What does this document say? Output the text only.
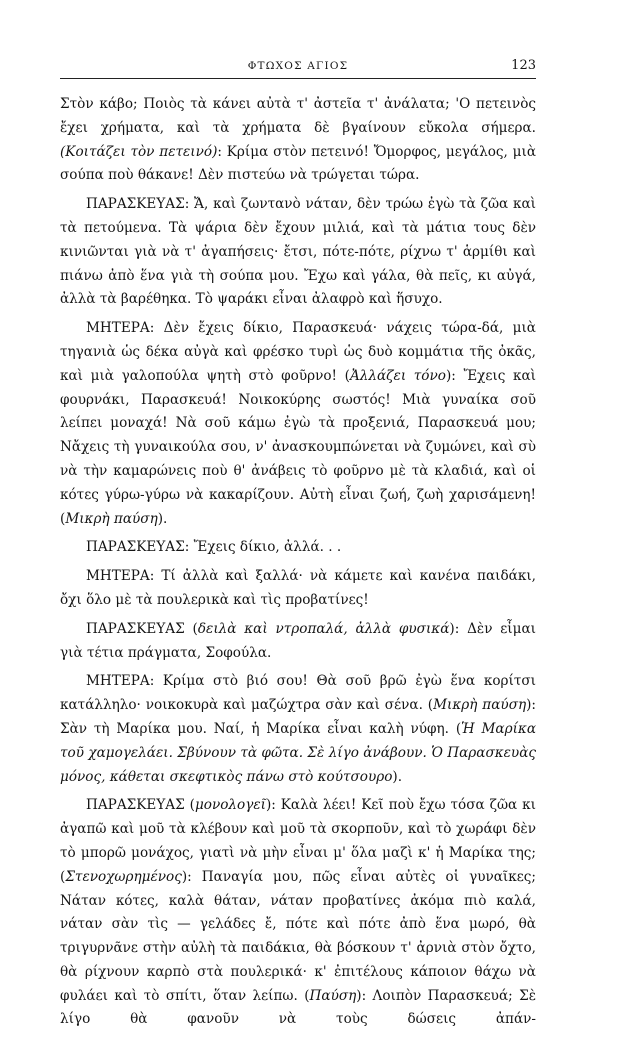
ΦΤΩΧΟΣ ΑΓΙΟΣ	123

Στὸν κάβο; Ποιὸς τὰ κάνει αὐτὰ τ' ἀστεῖα τ' ἀνάλατα; 'Ο πετεινὸς ἔχει χρήματα, καὶ τὰ χρήματα δὲ βγαίνουν εὔκολα σήμερα. (Κοιτάζει τὸν πετεινό): Κρίμα στὸν πετεινό! Ὄμορφος, μεγάλος, μιὰ σούπα ποὺ θάκανε! Δὲν πιστεύω νὰ τρώγεται τώρα.

ΠΑΡΑΣΚΕΥΑΣ: Ἄ, καὶ ζωντανὸ νάταν, δὲν τρώω ἐγὼ τὰ ζῶα καὶ τὰ πετούμενα. Τὰ ψάρια δὲν ἔχουν μιλιά, καὶ τὰ μάτια τους δὲν κινιῶνται γιὰ νὰ τ' ἀγαπήσεις· ἔτσι, πότε-πότε, ρίχνω τ' ἁρμίθι καὶ πιάνω ἀπὸ ἕνα γιὰ τὴ σούπα μου. Ἔχω καὶ γάλα, θὰ πεῖς, κι αὐγά, ἀλλὰ τὰ βαρέθηκα. Τὸ ψαράκι εἶναι ἀλαφρὸ καὶ ἥσυχο.

ΜΗΤΕΡΑ: Δὲν ἔχεις δίκιο, Παρασκευά· νάχεις τώρα-δά, μιὰ τηγανιὰ ὡς δέκα αὐγὰ καὶ φρέσκο τυρὶ ὡς δυὸ κομμάτια τῆς ὀκᾶς, καὶ μιὰ γαλοπούλα ψητὴ στὸ φοῦρνο! (Ἀλλάζει τόνο): Ἔχεις καὶ φουρνάκι, Παρασκευά! Νοικοκύρης σωστός! Μιὰ γυναίκα σοῦ λείπει μοναχά! Νὰ σοῦ κάμω ἐγὼ τὰ προξενιά, Παρασκευά μου; Νἄχεις τὴ γυναικούλα σου, ν' ἀνασκουμπώνεται νὰ ζυμώνει, καὶ σὺ νὰ τὴν καμαρώνεις ποὺ θ' ἀνάβεις τὸ φοῦρνο μὲ τὰ κλαδιά, καὶ οἱ κότες γύρω-γύρω νὰ κακαρίζουν. Αὐτὴ εἶναι ζωή, ζωὴ χαρισάμενη! (Μικρὴ παύση).

ΠΑΡΑΣΚΕΥΑΣ: Ἔχεις δίκιο, ἀλλά. . .

ΜΗΤΕΡΑ: Τί ἀλλὰ καὶ ξαλλά· νὰ κάμετε καὶ κανένα παιδάκι, ὄχι ὅλο μὲ τὰ πουλερικὰ καὶ τὶς προβατίνες!

ΠΑΡΑΣΚΕΥΑΣ (δειλὰ καὶ ντροπαλά, ἀλλὰ φυσικά): Δὲν εἶμαι γιὰ τέτια πράγματα, Σοφούλα.

ΜΗΤΕΡΑ: Κρίμα στὸ βιό σου! Θὰ σοῦ βρῶ ἐγὼ ἕνα κορίτσι κατάλληλο· νοικοκυρὰ καὶ μαζώχτρα σὰν καὶ σένα. (Μικρὴ παύση): Σὰν τὴ Μαρίκα μου. Ναί, ἡ Μαρίκα εἶναι καλὴ νύφη. (Ἡ Μαρίκα τοῦ χαμογελάει. Σβύνουν τὰ φῶτα. Σὲ λίγο ἀνάβουν. Ὁ Παρασκευὰς μόνος, κάθεται σκεφτικὸς πάνω στὸ κούτσουρο).

ΠΑΡΑΣΚΕΥΑΣ (μονολογεῖ): Καλὰ λέει! Κεῖ ποὺ ἔχω τόσα ζῶα κι ἀγαπῶ καὶ μοῦ τὰ κλέβουν καὶ μοῦ τὰ σκορποῦν, καὶ τὸ χωράφι δὲν τὸ μπορῶ μονάχος, γιατὶ νὰ μὴν εἶναι μ' ὅλα μαζὶ κ' ἡ Μαρίκα της; (Στενοχωρημένος): Παναγία μου, πῶς εἶναι αὐτὲς οἱ γυναῖκες; Νάταν κότες, καλὰ θάταν, νάταν προβατίνες ἀκόμα πιὸ καλά, νάταν σὰν τὶς — γελάδες ἔ, πότε καὶ πότε ἀπὸ ἕνα μωρό, θὰ τριγυρνᾶνε στὴν αὐλὴ τὰ παιδάκια, θὰ βόσκουν τ' ἀρνιὰ στὸν ὄχτο, θὰ ρίχνουν καρπὸ στὰ πουλερικά· κ' ἐπιτέλους κάποιον θάχω νὰ φυλάει καὶ τὸ σπίτι, ὅταν λείπω. (Παύση): Λοιπὸν Παρασκευά; Σὲ λίγο θὰ φανοῦν νὰ τοὺς δώσεις ἀπάν-
